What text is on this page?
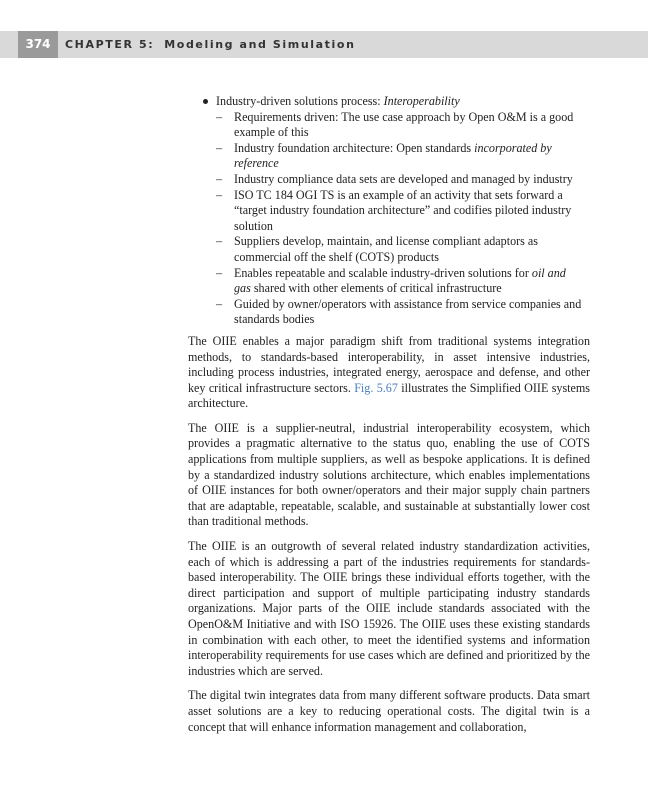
374	CHAPTER 5: Modeling and Simulation
Industry-driven solutions process: Interoperability
– Requirements driven: The use case approach by Open O&M is a good example of this
– Industry foundation architecture: Open standards incorporated by reference
– Industry compliance data sets are developed and managed by industry
– ISO TC 184 OGI TS is an example of an activity that sets forward a “target industry foundation architecture” and codifies piloted industry solution
– Suppliers develop, maintain, and license compliant adaptors as commercial off the shelf (COTS) products
– Enables repeatable and scalable industry-driven solutions for oil and gas shared with other elements of critical infrastructure
– Guided by owner/operators with assistance from service companies and standards bodies

The OIIE enables a major paradigm shift from traditional systems integration methods, to standards-based interoperability, in asset intensive industries, including process industries, integrated energy, aerospace and defense, and other key critical infrastructure sectors. Fig. 5.67 illustrates the Simplified OIIE systems architecture.

The OIIE is a supplier-neutral, industrial interoperability ecosystem, which provides a pragmatic alternative to the status quo, enabling the use of COTS applications from multiple suppliers, as well as bespoke applications. It is defined by a standardized industry solutions architecture, which enables implementations of OIIE instances for both owner/operators and their major supply chain partners that are adaptable, repeatable, scalable, and sustainable at substantially lower cost than traditional methods.

The OIIE is an outgrowth of several related industry standardization activities, each of which is addressing a part of the industries requirements for standards-based interoperability. The OIIE brings these individual efforts together, with the direct participation and support of multiple participating industry standards organizations. Major parts of the OIIE include standards associated with the OpenO&M Initiative and with ISO 15926. The OIIE uses these existing standards in combination with each other, to meet the identified systems and information interoperability requirements for use cases which are defined and prioritized by the industries which are served.

The digital twin integrates data from many different software products. Data smart asset solutions are a key to reducing operational costs. The digital twin is a concept that will enhance information management and collaboration,
